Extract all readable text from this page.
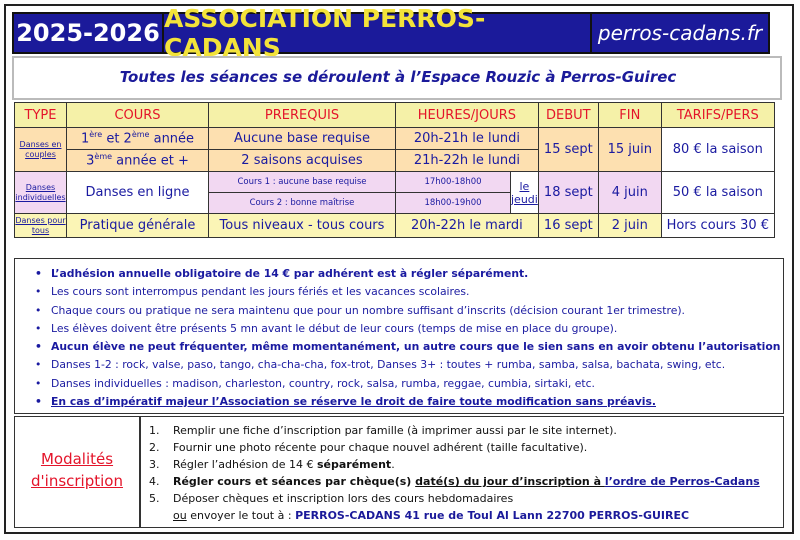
2025-2026 ASSOCIATION PERROS-CADANS	perros-cadans.fr
Toutes les séances se déroulent à l’Espace Rouzic à Perros-Guirec
TYPE	COURS	PREREQUIS	HEURES/JOURS		DEBUT	FIN	TARIFS/PERS
Danses en couples	1ère et 2ème année	Aucune base requise	20h-21h le lundi		15 sept	15 juin	80 € la saison
	3ème année et +	2 saisons acquises	21h-22h le lundi				
Danses individuelles	Danses en ligne	Cours 1 : aucune base requise	17h00-18h00	le jeudi	18 sept	4 juin	50 € la saison
		Cours 2 : bonne maîtrise	18h00-19h00				
Danses pour tous	Pratique générale	Tous niveaux - tous cours	20h-22h le mardi		16 sept	2 juin	Hors cours 30 €
• L’adhésion annuelle obligatoire de 14 € par adhérent est à régler séparément.
• Les cours sont interrompus pendant les jours fériés et les vacances scolaires.
• Chaque cours ou pratique ne sera maintenu que pour un nombre suffisant d’inscrits (décision courant 1er trimestre).
• Les élèves doivent être présents 5 mn avant le début de leur cours (temps de mise en place du groupe).
• Aucun élève ne peut fréquenter, même momentanément, un autre cours que le sien sans en avoir obtenu l’autorisation
• Danses 1-2 : rock, valse, paso, tango, cha-cha-cha, fox-trot, Danses 3+ : toutes + rumba, samba, salsa, bachata, swing, etc.
• Danses individuelles : madison, charleston, country, rock, salsa, rumba, reggae, cumbia, sirtaki, etc.
• En cas d’impératif majeur l’Association se réserve le droit de faire toute modification sans préavis.
Modalités
d'inscription
1. Remplir une fiche d’inscription par famille (à imprimer aussi par le site internet).
2. Fournir une photo récente pour chaque nouvel adhérent (taille facultative).
3. Régler l’adhésion de 14 € séparément.
4. Régler cours et séances par chèque(s) daté(s) du jour d’inscription à l’ordre de Perros-Cadans
5. Déposer chèques et inscription lors des cours hebdomadaires
ou envoyer le tout à : PERROS-CADANS 41 rue de Toul Al Lann 22700 PERROS-GUIREC
